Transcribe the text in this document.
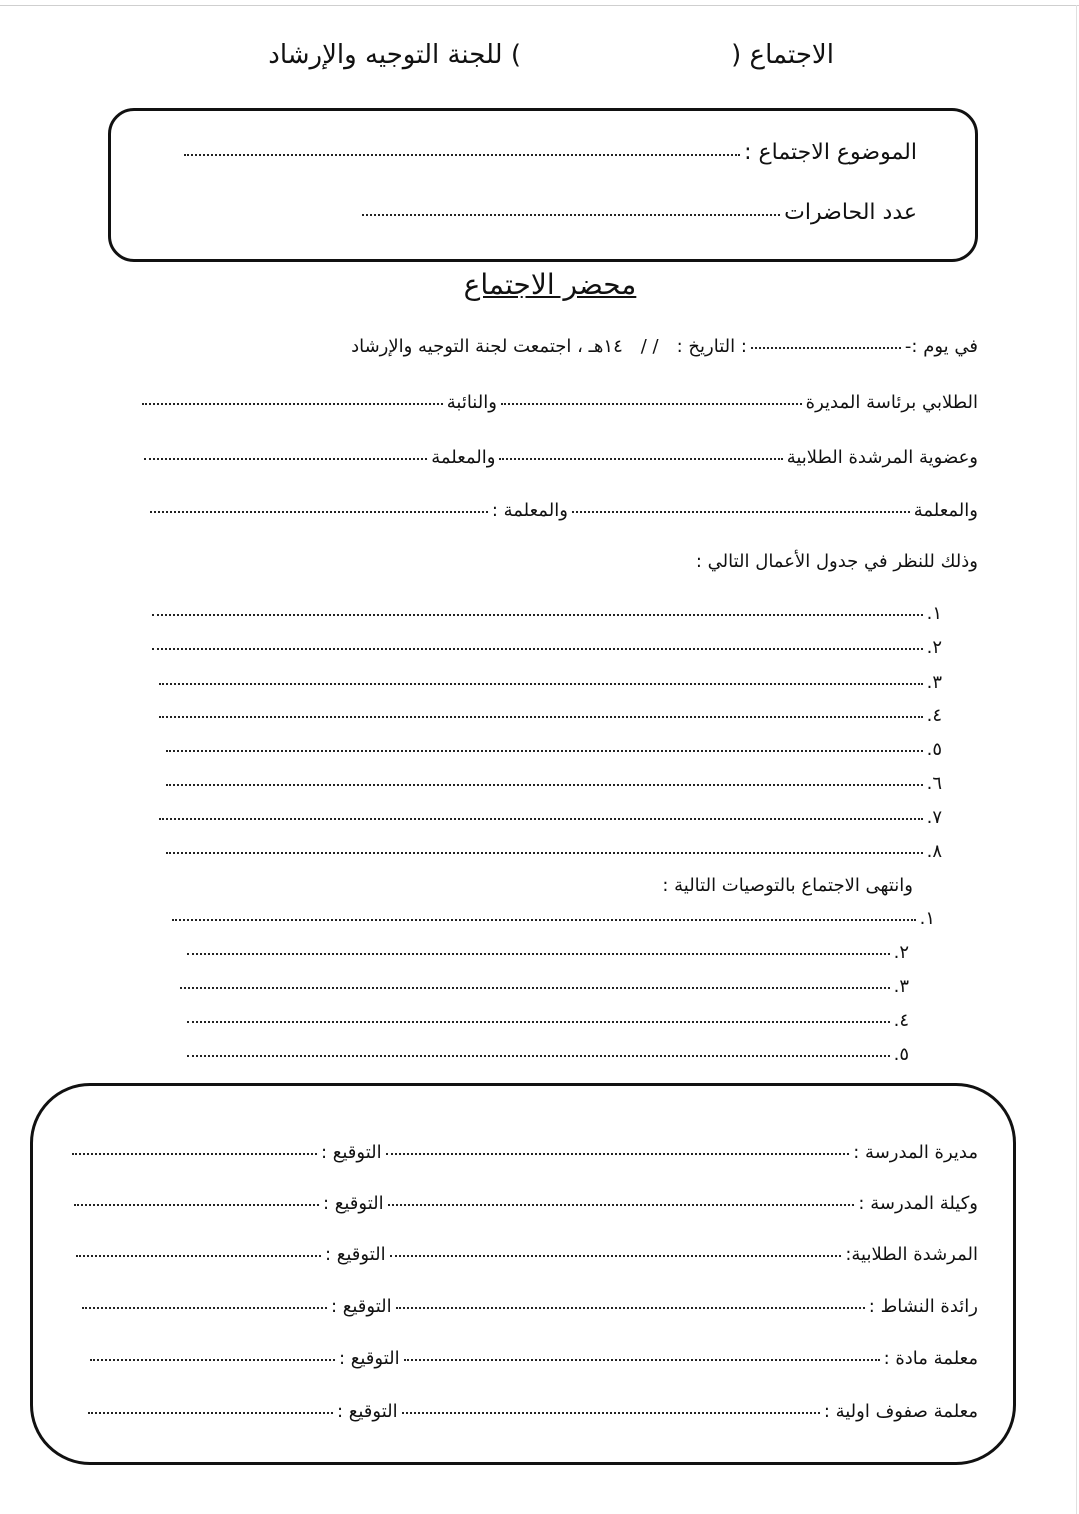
الاجتماع (
) للجنة التوجيه والإرشاد
الموضوع الاجتماع :
عدد الحاضرات
محضر الاجتماع
في يوم :-
: التاريخ :
/ /
١٤هـ ، اجتمعت لجنة التوجيه والإرشاد
الطلابي برئاسة المديرة
والنائبة
وعضوية المرشدة الطلابية
والمعلمة
والمعلمة
والمعلمة :
وذلك للنظر في جدول الأعمال التالي :
١.
٢.
٣.
٤.
٥.
٦.
٧.
٨.
وانتهى الاجتماع بالتوصيات التالية :
١.
٢.
٣.
٤.
٥.
مديرة المدرسة :
التوقيع :
وكيلة المدرسة :
التوقيع :
المرشدة الطلابية:
التوقيع :
رائدة النشاط :
التوقيع :
معلمة مادة :
التوقيع :
معلمة صفوف اولية :
التوقيع :
